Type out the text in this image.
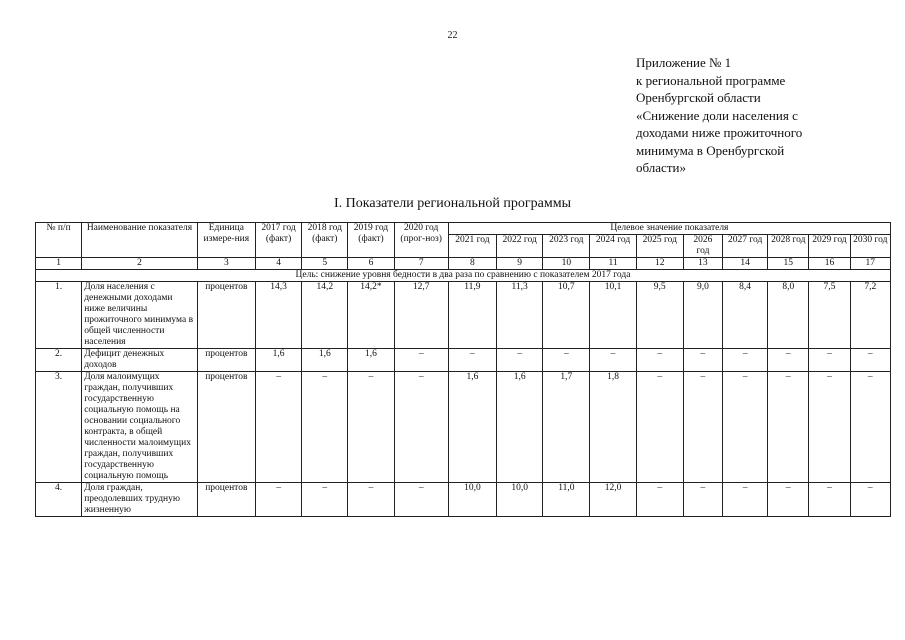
22
Приложение № 1
к региональной программе
Оренбургской области
«Снижение доли населения с
доходами ниже прожиточного
минимума в Оренбургской
области»
I. Показатели региональной программы
№ п/п	Наименование показателя	Единица измере-ния	2017 год (факт)	2018 год (факт)	2019 год (факт)	2020 год (прог-ноз)	Целевое значение показателя									
							2021 год	2022 год	2023 год	2024 год	2025 год	2026 год	2027 год	2028 год	2029 год	2030 год
1	2	3	4	5	6	7	8	9	10	11	12	13	14	15	16	17
Цель: снижение уровня бедности в два раза по сравнению с показателем 2017 года																
1.	Доля населения с денежными доходами ниже величины прожиточного минимума в общей численности населения	процентов	14,3	14,2	14,2*	12,7	11,9	11,3	10,7	10,1	9,5	9,0	8,4	8,0	7,5	7,2
2.	Дефицит денежных доходов	процентов	1,6	1,6	1,6	–	–	–	–	–	–	–	–	–	–	–
3.	Доля малоимущих граждан, получивших государственную социальную помощь на основании социального контракта, в общей численности малоимущих граждан, получивших государственную социальную помощь	процентов	–	–	–	–	1,6	1,6	1,7	1,8	–	–	–	–	–	–
4.	Доля граждан, преодолевших трудную жизненную	процентов	–	–	–	–	10,0	10,0	11,0	12,0	–	–	–	–	–	–
